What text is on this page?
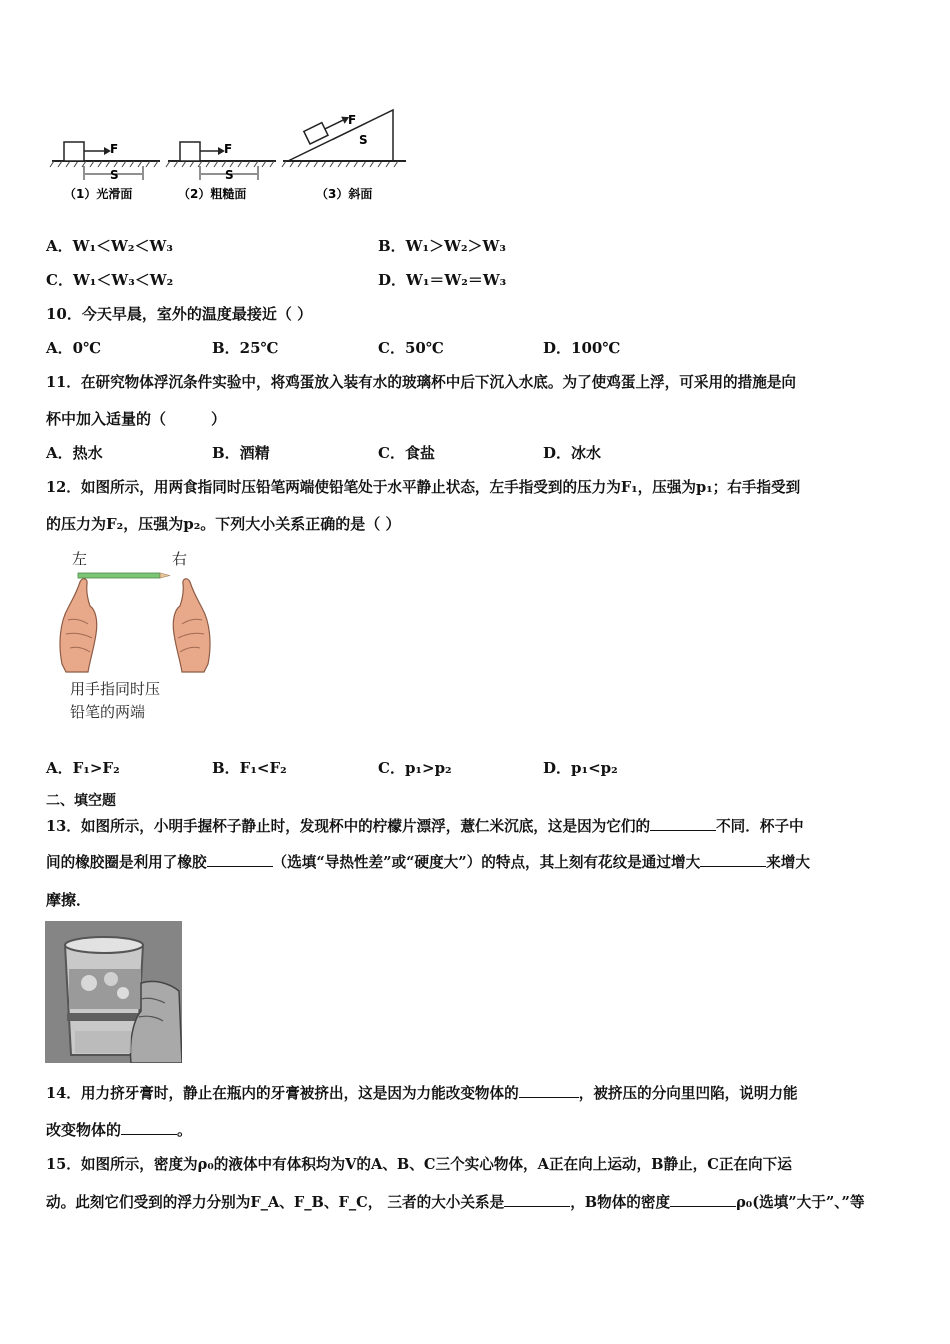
F
S
F
S
F
S
（1）光滑面	（2）粗糙面	（3）斜面
A．W₁＜W₂＜W₃	B．W₁＞W₂＞W₃
C．W₁＜W₃＜W₂	D．W₁＝W₂＝W₃
10．今天早晨，室外的温度最接近（ ）
A．0℃	B．25℃	C．50℃	D．100℃
11．在研究物体浮沉条件实验中，将鸡蛋放入装有水的玻璃杯中后下沉入水底。为了使鸡蛋上浮，可采用的措施是向
杯中加入适量的（　　　）
A．热水	B．酒精	C．食盐	D．冰水
12．如图所示，用两食指同时压铅笔两端使铅笔处于水平静止状态，左手指受到的压力为F₁，压强为p₁；右手指受到
的压力为F₂，压强为p₂。下列大小关系正确的是（ ）
左	右
用手指同时压
铅笔的两端
A．F₁>F₂	B．F₁<F₂	C．p₁>p₂	D．p₁<p₂
二、填空题
13．如图所示，小明手握杯子静止时，发现杯中的柠檬片漂浮，薏仁米沉底，这是因为它们的	不同．杯子中
间的橡胶圈是利用了橡胶	（选填“导热性差”或“硬度大”）的特点，其上刻有花纹是通过增大	来增大
摩擦．
14．用力挤牙膏时，静止在瓶内的牙膏被挤出，这是因为力能改变物体的	，被挤压的分向里凹陷，说明力能
改变物体的	。
15．如图所示，密度为ρ₀的液体中有体积均为V的A、B、C三个实心物体，A正在向上运动，B静止，C正在向下运
动。此刻它们受到的浮力分别为F_A、F_B、F_C， 三者的大小关系是	，B物体的密度	ρ₀(选填”大于”、”等
